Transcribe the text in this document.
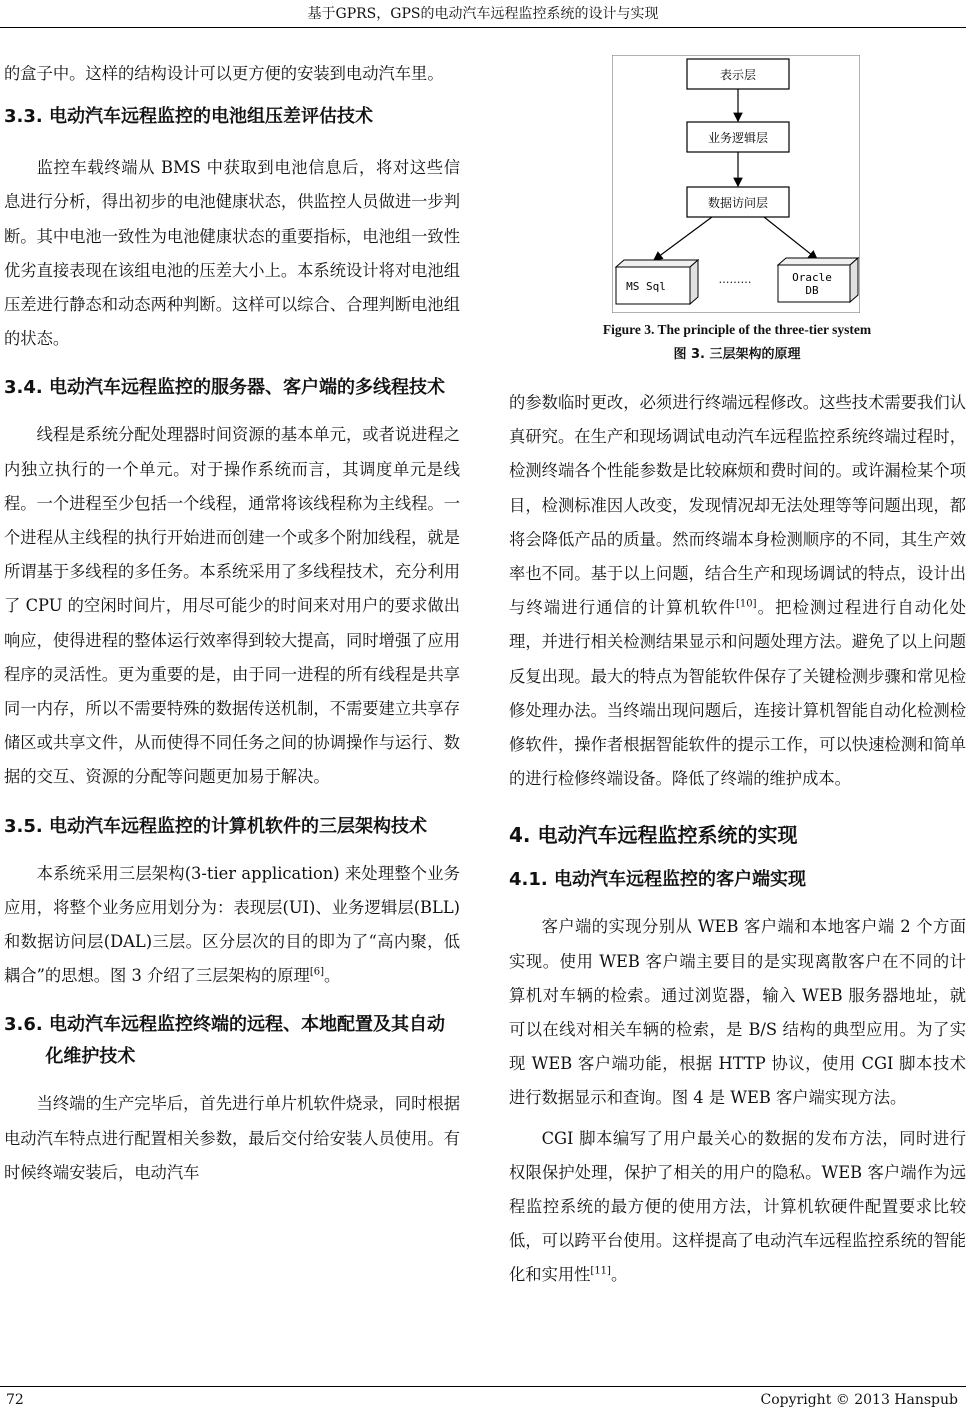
基于GPRS，GPS的电动汽车远程监控系统的设计与实现

的盒子中。这样的结构设计可以更方便的安装到电动汽车里。

3.3. 电动汽车远程监控的电池组压差评估技术

监控车载终端从 BMS 中获取到电池信息后，将对这些信息进行分析，得出初步的电池健康状态，供监控人员做进一步判断。其中电池一致性为电池健康状态的重要指标，电池组一致性优劣直接表现在该组电池的压差大小上。本系统设计将对电池组压差进行静态和动态两种判断。这样可以综合、合理判断电池组的状态。

3.4. 电动汽车远程监控的服务器、客户端的多线程技术

线程是系统分配处理器时间资源的基本单元，或者说进程之内独立执行的一个单元。对于操作系统而言，其调度单元是线程。一个进程至少包括一个线程，通常将该线程称为主线程。一个进程从主线程的执行开始进而创建一个或多个附加线程，就是所谓基于多线程的多任务。本系统采用了多线程技术，充分利用了 CPU 的空闲时间片，用尽可能少的时间来对用户的要求做出响应，使得进程的整体运行效率得到较大提高，同时增强了应用程序的灵活性。更为重要的是，由于同一进程的所有线程是共享同一内存，所以不需要特殊的数据传送机制，不需要建立共享存储区或共享文件，从而使得不同任务之间的协调操作与运行、数据的交互、资源的分配等问题更加易于解决。

3.5. 电动汽车远程监控的计算机软件的三层架构技术

本系统采用三层架构(3-tier application) 来处理整个业务应用，将整个业务应用划分为：表现层(UI)、业务逻辑层(BLL)和数据访问层(DAL)三层。区分层次的目的即为了“高内聚，低耦合”的思想。图 3 介绍了三层架构的原理[6]。

3.6. 电动汽车远程监控终端的远程、本地配置及其自动化维护技术

当终端的生产完毕后，首先进行单片机软件烧录，同时根据电动汽车特点进行配置相关参数，最后交付给安装人员使用。有时候终端安装后，电动汽车

表示层
业务逻辑层
数据访问层
MS Sql
………	Oracle
DB
Figure 3. The principle of the three-tier system
图 3. 三层架构的原理

的参数临时更改，必须进行终端远程修改。这些技术需要我们认真研究。在生产和现场调试电动汽车远程监控系统终端过程时，检测终端各个性能参数是比较麻烦和费时间的。或许漏检某个项目，检测标准因人改变，发现情况却无法处理等等问题出现，都将会降低产品的质量。然而终端本身检测顺序的不同，其生产效率也不同。基于以上问题，结合生产和现场调试的特点，设计出与终端进行通信的计算机软件[10]。把检测过程进行自动化处理，并进行相关检测结果显示和问题处理方法。避免了以上问题反复出现。最大的特点为智能软件保存了关键检测步骤和常见检修处理办法。当终端出现问题后，连接计算机智能自动化检测检修软件，操作者根据智能软件的提示工作，可以快速检测和简单的进行检修终端设备。降低了终端的维护成本。

4. 电动汽车远程监控系统的实现
4.1. 电动汽车远程监控的客户端实现

客户端的实现分别从 WEB 客户端和本地客户端 2 个方面实现。使用 WEB 客户端主要目的是实现离散客户在不同的计算机对车辆的检索。通过浏览器，输入 WEB 服务器地址，就可以在线对相关车辆的检索，是 B/S 结构的典型应用。为了实现 WEB 客户端功能，根据 HTTP 协议，使用 CGI 脚本技术进行数据显示和查询。图 4 是 WEB 客户端实现方法。

CGI 脚本编写了用户最关心的数据的发布方法，同时进行权限保护处理，保护了相关的用户的隐私。WEB 客户端作为远程监控系统的最方便的使用方法，计算机软硬件配置要求比较低，可以跨平台使用。这样提高了电动汽车远程监控系统的智能化和实用性[11]。

72	Copyright © 2013 Hanspub
